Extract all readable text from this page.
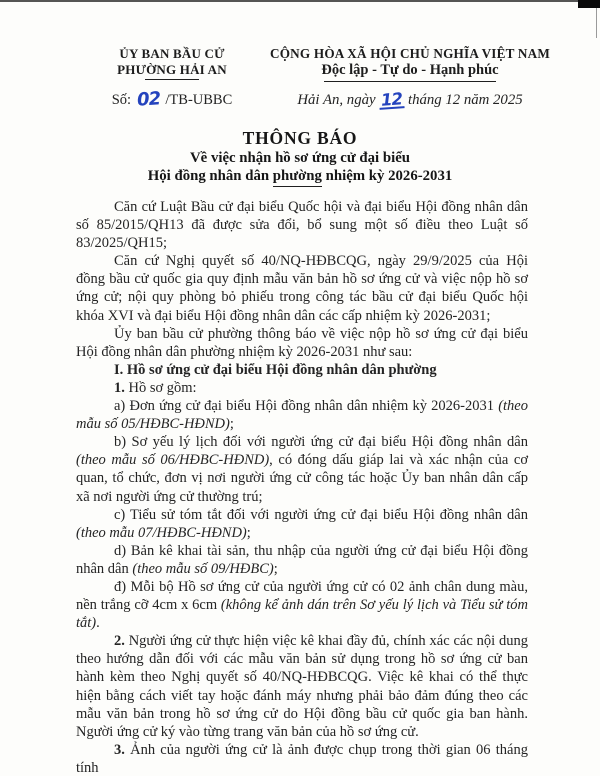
ỦY BAN BẦU CỬ
PHƯỜNG HẢI AN
Số: 02 /TB-UBBC
CỘNG HÒA XÃ HỘI CHỦ NGHĨA VIỆT NAM
Độc lập - Tự do - Hạnh phúc
Hải An, ngày 12 tháng 12 năm 2025
THÔNG BÁO
Về việc nhận hồ sơ ứng cử đại biểu
Hội đồng nhân dân phường nhiệm kỳ 2026-2031

Căn cứ Luật Bầu cử đại biểu Quốc hội và đại biểu Hội đồng nhân dân số 85/2015/QH13 đã được sửa đổi, bổ sung một số điều theo Luật số 83/2025/QH15;

Căn cứ Nghị quyết số 40/NQ-HĐBCQG, ngày 29/9/2025 của Hội đồng bầu cử quốc gia quy định mẫu văn bản hồ sơ ứng cử và việc nộp hồ sơ ứng cử; nội quy phòng bỏ phiếu trong công tác bầu cử đại biểu Quốc hội khóa XVI và đại biểu Hội đồng nhân dân các cấp nhiệm kỳ 2026-2031;

Ủy ban bầu cử phường thông báo về việc nộp hồ sơ ứng cử đại biểu Hội đồng nhân dân phường nhiệm kỳ 2026-2031 như sau:

I. Hồ sơ ứng cử đại biểu Hội đồng nhân dân phường

1. Hồ sơ gồm:

a) Đơn ứng cử đại biểu Hội đồng nhân dân nhiệm kỳ 2026-2031 (theo mẫu số 05/HĐBC-HĐND);

b) Sơ yếu lý lịch đối với người ứng cử đại biểu Hội đồng nhân dân (theo mẫu số 06/HĐBC-HĐND), có đóng dấu giáp lai và xác nhận của cơ quan, tổ chức, đơn vị nơi người ứng cử công tác hoặc Ủy ban nhân dân cấp xã nơi người ứng cử thường trú;

c) Tiểu sử tóm tắt đối với người ứng cử đại biểu Hội đồng nhân dân (theo mẫu 07/HĐBC-HĐND);

d) Bản kê khai tài sản, thu nhập của người ứng cử đại biểu Hội đồng nhân dân (theo mẫu số 09/HĐBC);

đ) Mỗi bộ Hồ sơ ứng cử của người ứng cử có 02 ảnh chân dung màu, nền trắng cỡ 4cm x 6cm (không kể ảnh dán trên Sơ yếu lý lịch và Tiểu sử tóm tắt).

2. Người ứng cử thực hiện việc kê khai đầy đủ, chính xác các nội dung theo hướng dẫn đối với các mẫu văn bản sử dụng trong hồ sơ ứng cử ban hành kèm theo Nghị quyết số 40/NQ-HĐBCQG. Việc kê khai có thể thực hiện bằng cách viết tay hoặc đánh máy nhưng phải bảo đảm đúng theo các mẫu văn bản trong hồ sơ ứng cử do Hội đồng bầu cử quốc gia ban hành. Người ứng cử ký vào từng trang văn bản của hồ sơ ứng cử.

3. Ảnh của người ứng cử là ảnh được chụp trong thời gian 06 tháng tính
